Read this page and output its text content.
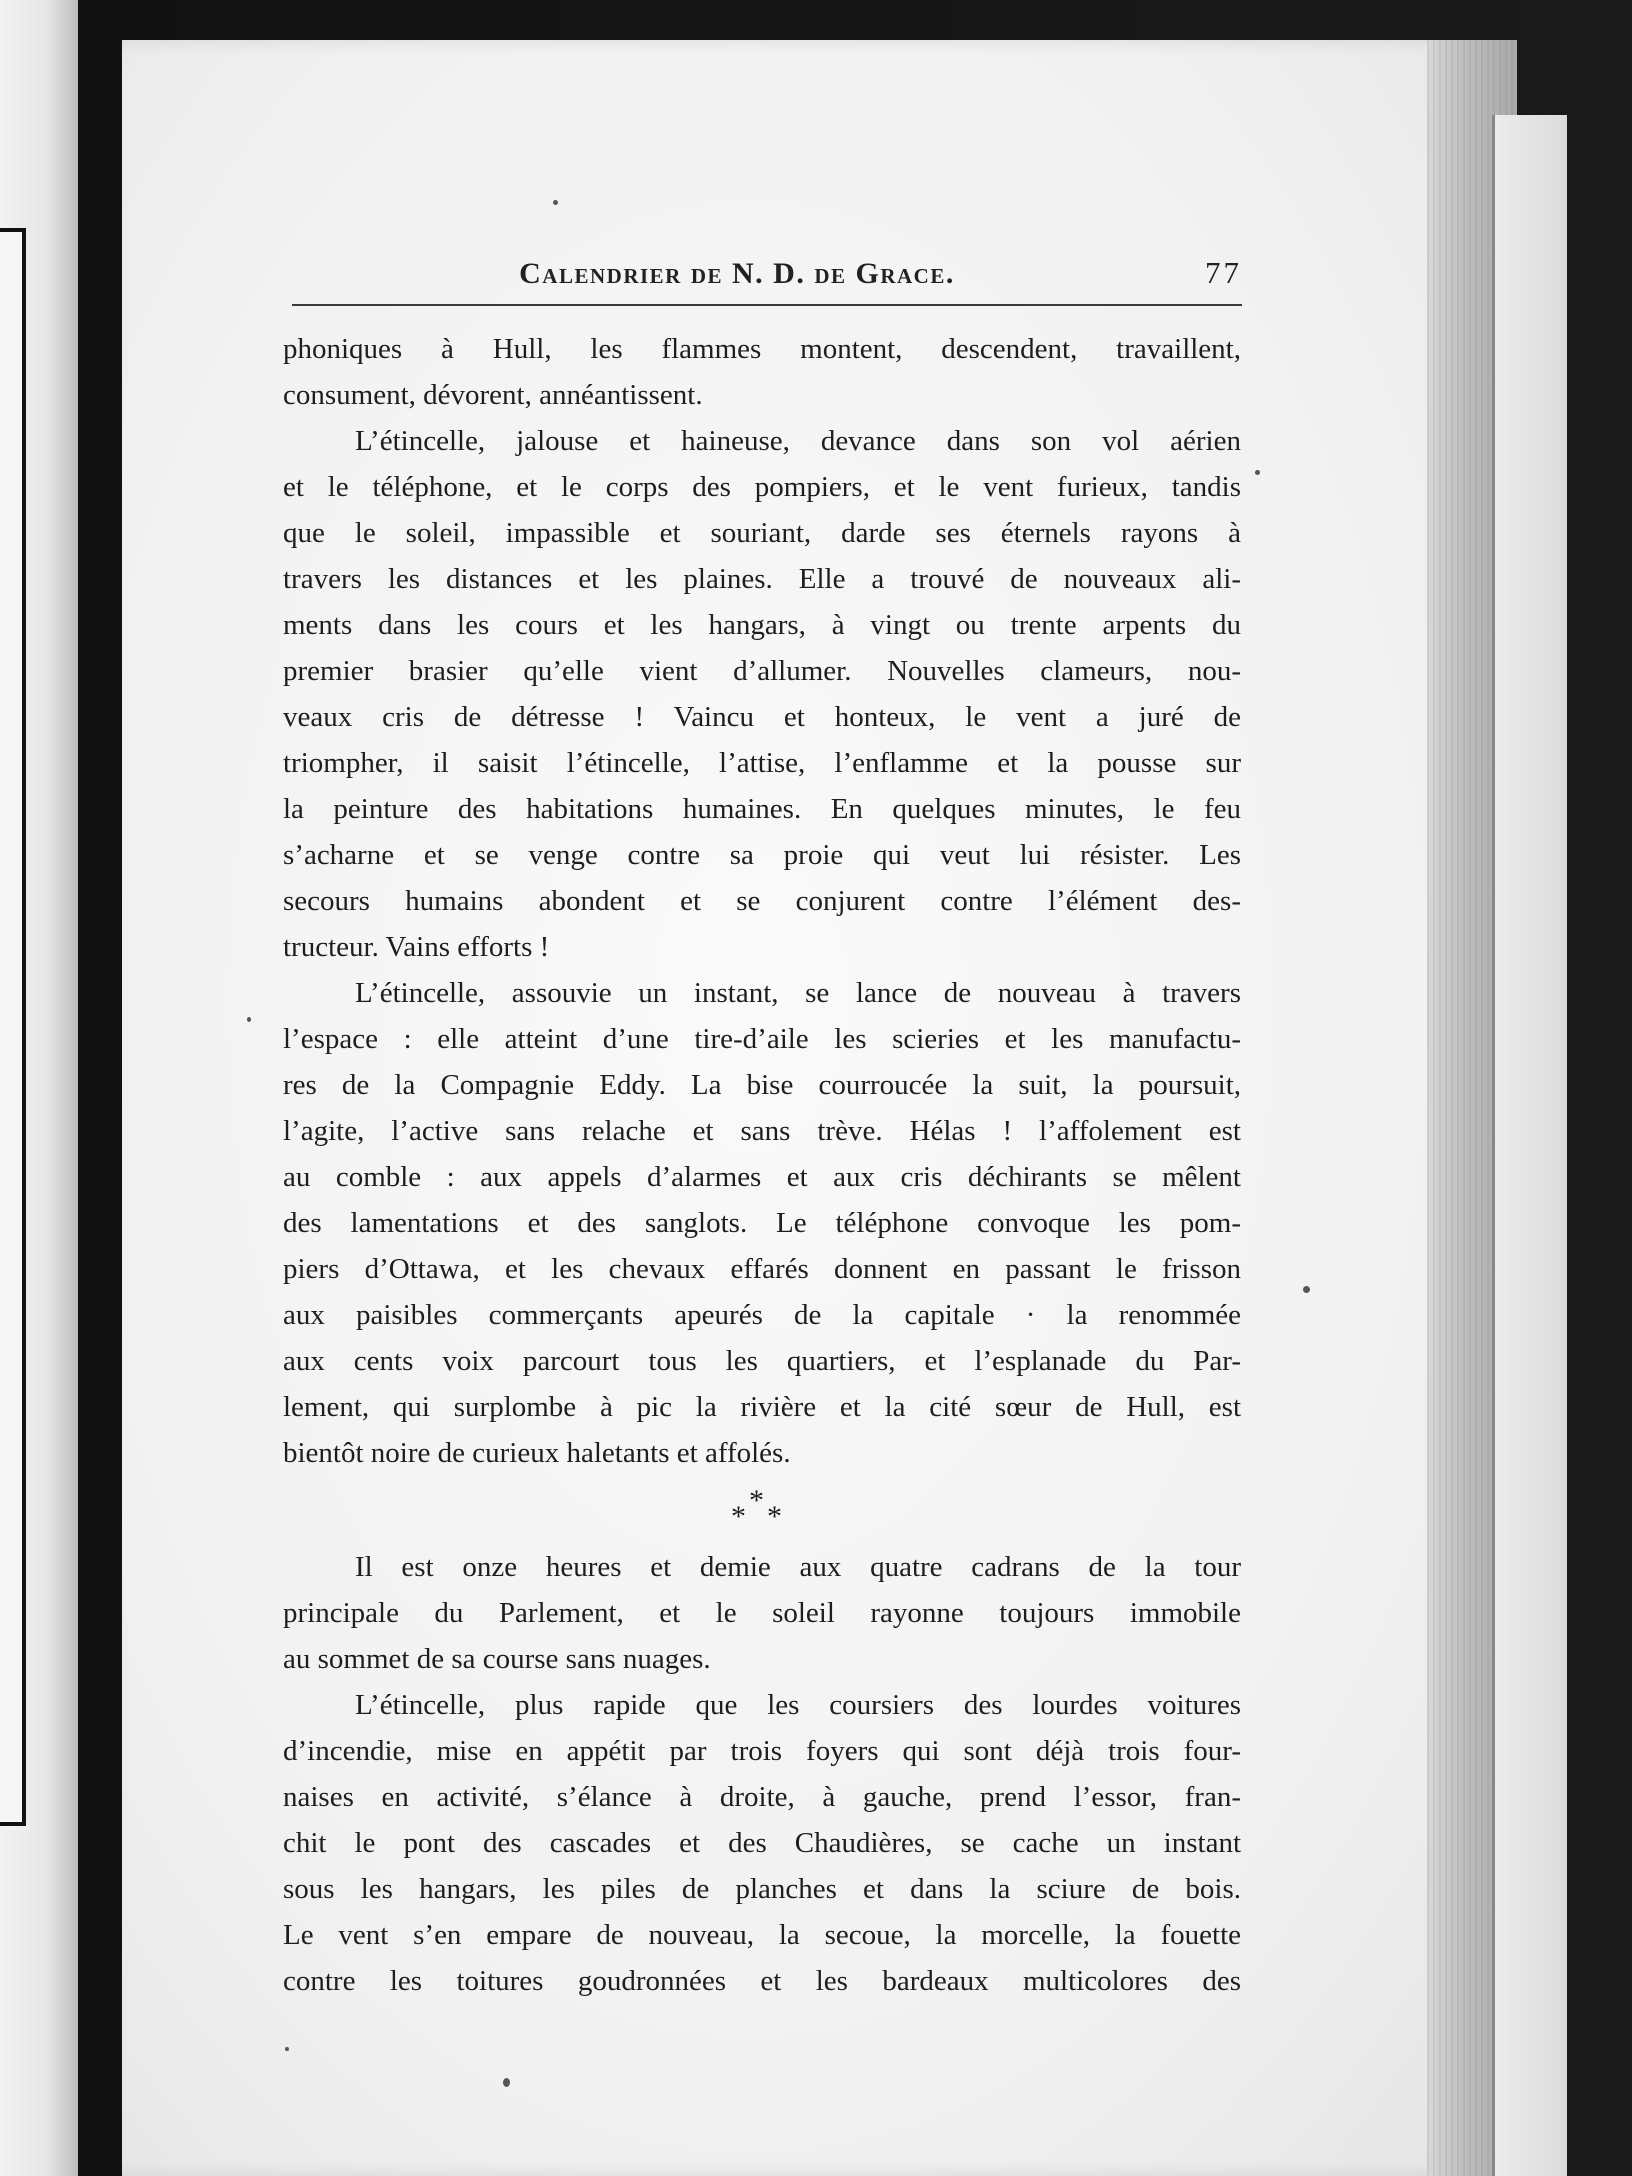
Calendrier de N. D. de Grace.	77

phoniques à Hull, les flammes montent, descendent, travaillent,
consument, dévorent, annéantissent.

L’étincelle, jalouse et haineuse, devance dans son vol aérien
et le téléphone, et le corps des pompiers, et le vent furieux, tandis
que le soleil, impassible et souriant, darde ses éternels rayons à
travers les distances et les plaines. Elle a trouvé de nouveaux ali-
ments dans les cours et les hangars, à vingt ou trente arpents du
premier brasier qu’elle vient d’allumer. Nouvelles clameurs, nou-
veaux cris de détresse ! Vaincu et honteux, le vent a juré de
triompher, il saisit l’étincelle, l’attise, l’enflamme et la pousse sur
la peinture des habitations humaines. En quelques minutes, le feu
s’acharne et se venge contre sa proie qui veut lui résister. Les
secours humains abondent et se conjurent contre l’élément des-
tructeur. Vains efforts !

L’étincelle, assouvie un instant, se lance de nouveau à travers
l’espace : elle atteint d’une tire-d’aile les scieries et les manufactu-
res de la Compagnie Eddy. La bise courroucée la suit, la poursuit,
l’agite, l’active sans relache et sans trève. Hélas ! l’affolement est
au comble : aux appels d’alarmes et aux cris déchirants se mêlent
des lamentations et des sanglots. Le téléphone convoque les pom-
piers d’Ottawa, et les chevaux effarés donnent en passant le frisson
aux paisibles commerçants apeurés de la capitale · la renommée
aux cents voix parcourt tous les quartiers, et l’esplanade du Par-
lement, qui surplombe à pic la rivière et la cité sœur de Hull, est
bientôt noire de curieux haletants et affolés.

*
* *

Il est onze heures et demie aux quatre cadrans de la tour
principale du Parlement, et le soleil rayonne toujours immobile
au sommet de sa course sans nuages.

L’étincelle, plus rapide que les coursiers des lourdes voitures
d’incendie, mise en appétit par trois foyers qui sont déjà trois four-
naises en activité, s’élance à droite, à gauche, prend l’essor, fran-
chit le pont des cascades et des Chaudières, se cache un instant
sous les hangars, les piles de planches et dans la sciure de bois.
Le vent s’en empare de nouveau, la secoue, la morcelle, la fouette
contre les toitures goudronnées et les bardeaux multicolores des
